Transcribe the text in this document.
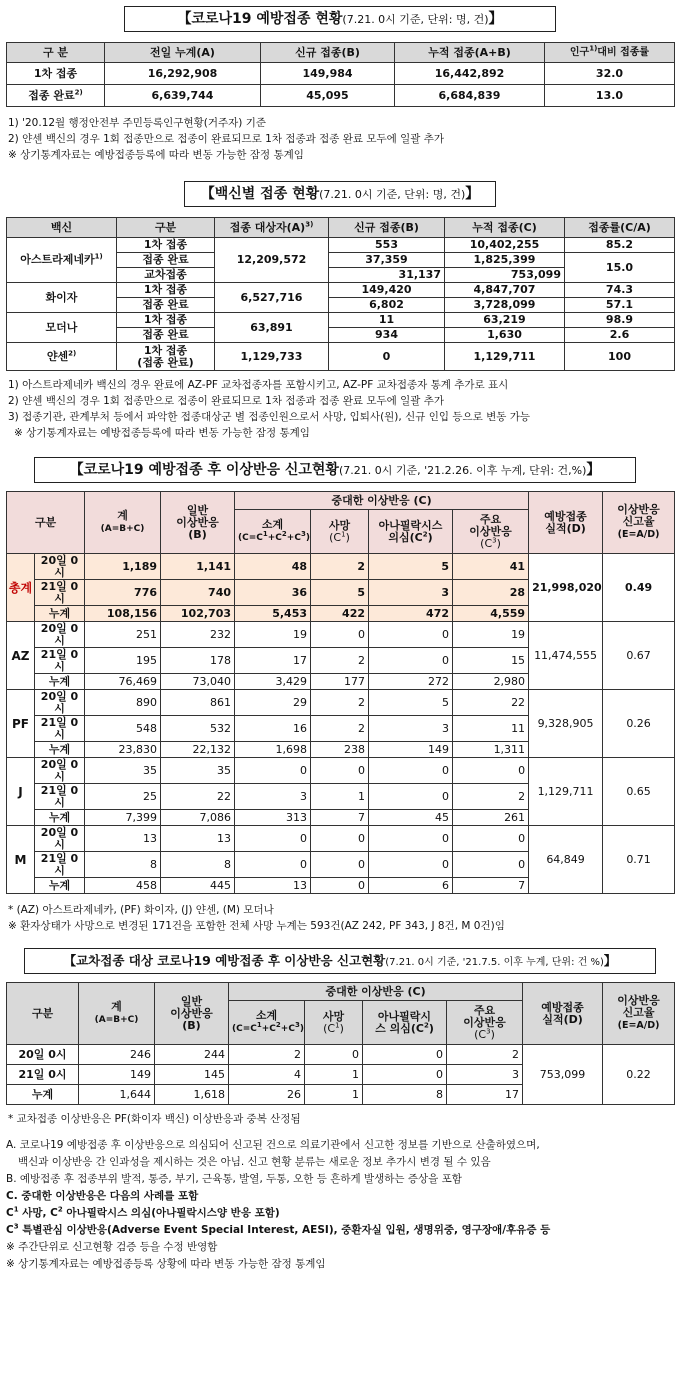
【코로나19 예방접종 현황(7.21. 0시 기준, 단위: 명, 건)】
구 분	전일 누계(A)	신규 접종(B)	누적 접종(A+B)	인구$^{1)}$대비 접종률
1차 접종	16,292,908	149,984	16,442,892	32.0
접종 완료$^{2)}$	6,639,744	45,095	6,684,839	13.0
1) '20.12월 행정안전부 주민등록인구현황(거주자) 기준
2) 얀센 백신의 경우 1회 접종만으로 접종이 완료되므로 1차 접종과 접종 완료 모두에 일괄 추가
※ 상기통계자료는 예방접종등록에 따라 변동 가능한 잠정 통계임
【백신별 접종 현황(7.21. 0시 기준, 단위: 명, 건)】
백신	구분	접종 대상자$(A)^{3)}$	신규 접종(B)	누적 접종(C)	접종률(C/A)
아스트라제네카$^{1)}$	1차 접종	12,209,572	553	10,402,255	85.2
	접종 완료		37,359	1,825,399	15.0
	교차접종		31,137	753,099	
화이자	1차 접종	6,527,716	149,420	4,847,707	74.3
	접종 완료		6,802	3,728,099	57.1
모더나	1차 접종	63,891	11	63,219	98.9
	접종 완료		934	1,630	2.6
얀센$^{2)}$	1차 접종
(접종 완료)	1,129,733	0	1,129,711	100
1) 아스트라제네카 백신의 경우 완료에 AZ-PF 교차접종자를 포함시키고, AZ-PF 교차접종자 통계 추가로 표시
2) 얀센 백신의 경우 1회 접종만으로 접종이 완료되므로 1차 접종과 접종 완료 모두에 일괄 추가
3) 접종기관, 관계부처 등에서 파악한 접종대상군 별 접종인원으로서 사망, 입퇴사(원), 신규 인입 등으로 변동 가능
※ 상기통계자료는 예방접종등록에 따라 변동 가능한 잠정 통계임
【코로나19 예방접종 후 이상반응 신고현황(7.21. 0시 기준, '21.2.26. 이후 누계, 단위: 건,%)】
구분		계
(A=B+C)	일반
이상반응
(B)	중대한 이상반응 (C)				예방접종
실적(D)	이상반응
신고율
(E=A/D)
				소계
$(C=C^1+C^2+C^3)$	사망
$(C^1)$	아나필락시스
의심$(C^2)$	주요
이상반응
$(C^3)$		
총계	20일 0시	1,189	1,141	48	2	5	41	21,998,020	0.49
	21일 0시	776	740	36	5	3	28		
	누계	108,156	102,703	5,453	422	472	4,559		
AZ	20일 0시	251	232	19	0	0	19	11,474,555	0.67
	21일 0시	195	178	17	2	0	15		
	누계	76,469	73,040	3,429	177	272	2,980		
PF	20일 0시	890	861	29	2	5	22	9,328,905	0.26
	21일 0시	548	532	16	2	3	11		
	누계	23,830	22,132	1,698	238	149	1,311		
J	20일 0시	35	35	0	0	0	0	1,129,711	0.65
	21일 0시	25	22	3	1	0	2		
	누계	7,399	7,086	313	7	45	261		
M	20일 0시	13	13	0	0	0	0	64,849	0.71
	21일 0시	8	8	0	0	0	0		
	누계	458	445	13	0	6	7		
* (AZ) 아스트라제네카, (PF) 화이자, (J) 얀센, (M) 모더나
※ 환자상태가 사망으로 변경된 171건을 포함한 전체 사망 누계는 593건(AZ 242, PF 343, J 8건, M 0건)임
【교차접종 대상 코로나19 예방접종 후 이상반응 신고현황(7.21. 0시 기준, '21.7.5. 이후 누계, 단위: 건 %)】
구분	계
(A=B+C)	일반
이상반응
(B)	중대한 이상반응 (C)				예방접종
실적(D)	이상반응
신고율
(E=A/D)
			소계
$(C=C^1+C^2+C^3)$	사망
$(C^1)$	아나필락시
스 의심$(C^2)$	주요
이상반응
$(C^3)$		
20일 0시	246	244	2	0	0	2	753,099	0.22
21일 0시	149	145	4	1	0	3		
누계	1,644	1,618	26	1	8	17		
* 교차접종 이상반응은 PF(화이자 백신) 이상반응과 중복 산정됨
A. 코로나19 예방접종 후 이상반응으로 의심되어 신고된 건으로 의료기관에서 신고한 정보를 기반으로 산출하였으며,
백신과 이상반응 간 인과성을 제시하는 것은 아님. 신고 현황 분류는 새로운 정보 추가시 변경 될 수 있음
B. 예방접종 후 접종부위 발적, 통증, 부기, 근육통, 발열, 두통, 오한 등 흔하게 발생하는 증상을 포함
C. 중대한 이상반응은 다음의 사례를 포함
$C^1$ 사망, $C^2$ 아나필락시스 의심(아나필락시스양 반응 포함)
$C^3$ 특별관심 이상반응(Adverse Event Special Interest, AESI), 중환자실 입원, 생명위중, 영구장애/후유증 등
※ 주간단위로 신고현황 검증 등을 수정 반영함
※ 상기통계자료는 예방접종등록 상황에 따라 변동 가능한 잠정 통계임
